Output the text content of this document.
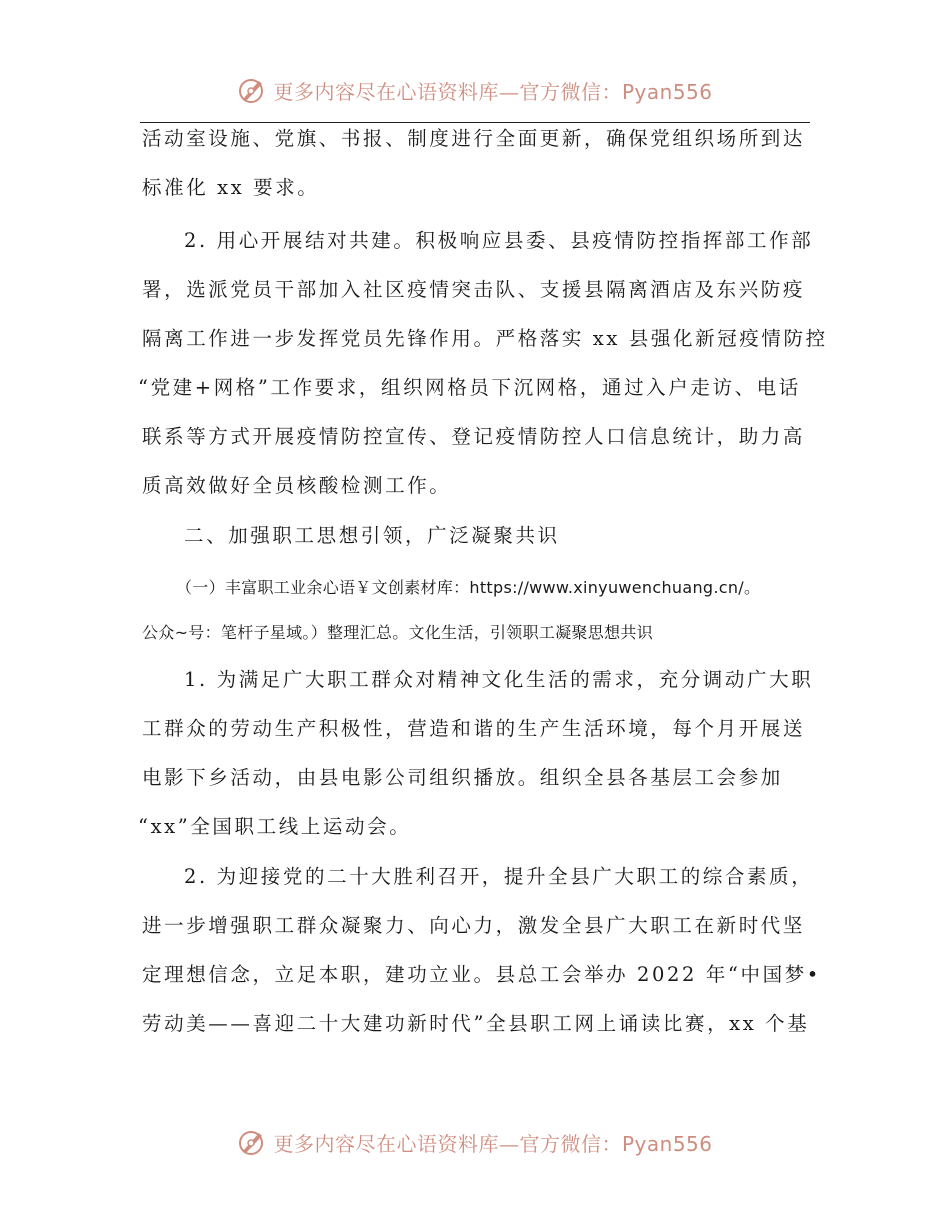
更多内容尽在心语资料库—官方微信：Pyan556
活动室设施、党旗、书报、制度进行全面更新，确保党组织场所到达
标准化 xx 要求。
2. 用心开展结对共建。积极响应县委、县疫情防控指挥部工作部
署，选派党员干部加入社区疫情突击队、支援县隔离酒店及东兴防疫
隔离工作进一步发挥党员先锋作用。严格落实 xx 县强化新冠疫情防控
“党建+网格”工作要求，组织网格员下沉网格，通过入户走访、电话
联系等方式开展疫情防控宣传、登记疫情防控人口信息统计，助力高
质高效做好全员核酸检测工作。
二、加强职工思想引领，广泛凝聚共识
（一）丰富职工业余心语￥文创素材库：https://www.xinyuwenchuang.cn/。
公众~号：笔杆子星域。）整理汇总。文化生活，引领职工凝聚思想共识
1. 为满足广大职工群众对精神文化生活的需求，充分调动广大职
工群众的劳动生产积极性，营造和谐的生产生活环境，每个月开展送
电影下乡活动，由县电影公司组织播放。组织全县各基层工会参加
“xx”全国职工线上运动会。
2. 为迎接党的二十大胜利召开，提升全县广大职工的综合素质，
进一步增强职工群众凝聚力、向心力，激发全县广大职工在新时代坚
定理想信念，立足本职，建功立业。县总工会举办 2022 年“中国梦•
劳动美——喜迎二十大建功新时代”全县职工网上诵读比赛，xx 个基
更多内容尽在心语资料库—官方微信：Pyan556
